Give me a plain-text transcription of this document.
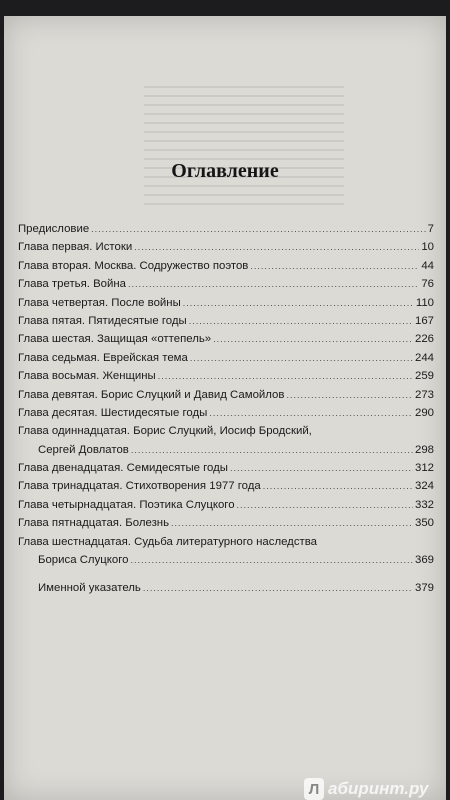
Оглавление
Предисловие .....	7
Глава первая. Истоки .....	10
Глава вторая. Москва. Содружество поэтов .....	44
Глава третья. Война .....	76
Глава четвертая. После войны .....	110
Глава пятая. Пятидесятые годы .....	167
Глава шестая. Защищая «оттепель» .....	226
Глава седьмая. Еврейская тема .....	244
Глава восьмая. Женщины .....	259
Глава девятая. Борис Слуцкий и Давид Самойлов .....	273
Глава десятая. Шестидесятые годы .....	290
Глава одиннадцатая. Борис Слуцкий, Иосиф Бродский,
Сергей Довлатов .....	298
Глава двенадцатая. Семидесятые годы .....	312
Глава тринадцатая. Стихотворения 1977 года .....	324
Глава четырнадцатая. Поэтика Слуцкого .....	332
Глава пятнадцатая. Болезнь .....	350
Глава шестнадцатая. Судьба литературного наследства
Бориса Слуцкого .....	369
Именной указатель .....	379
Л абиринт.ру
